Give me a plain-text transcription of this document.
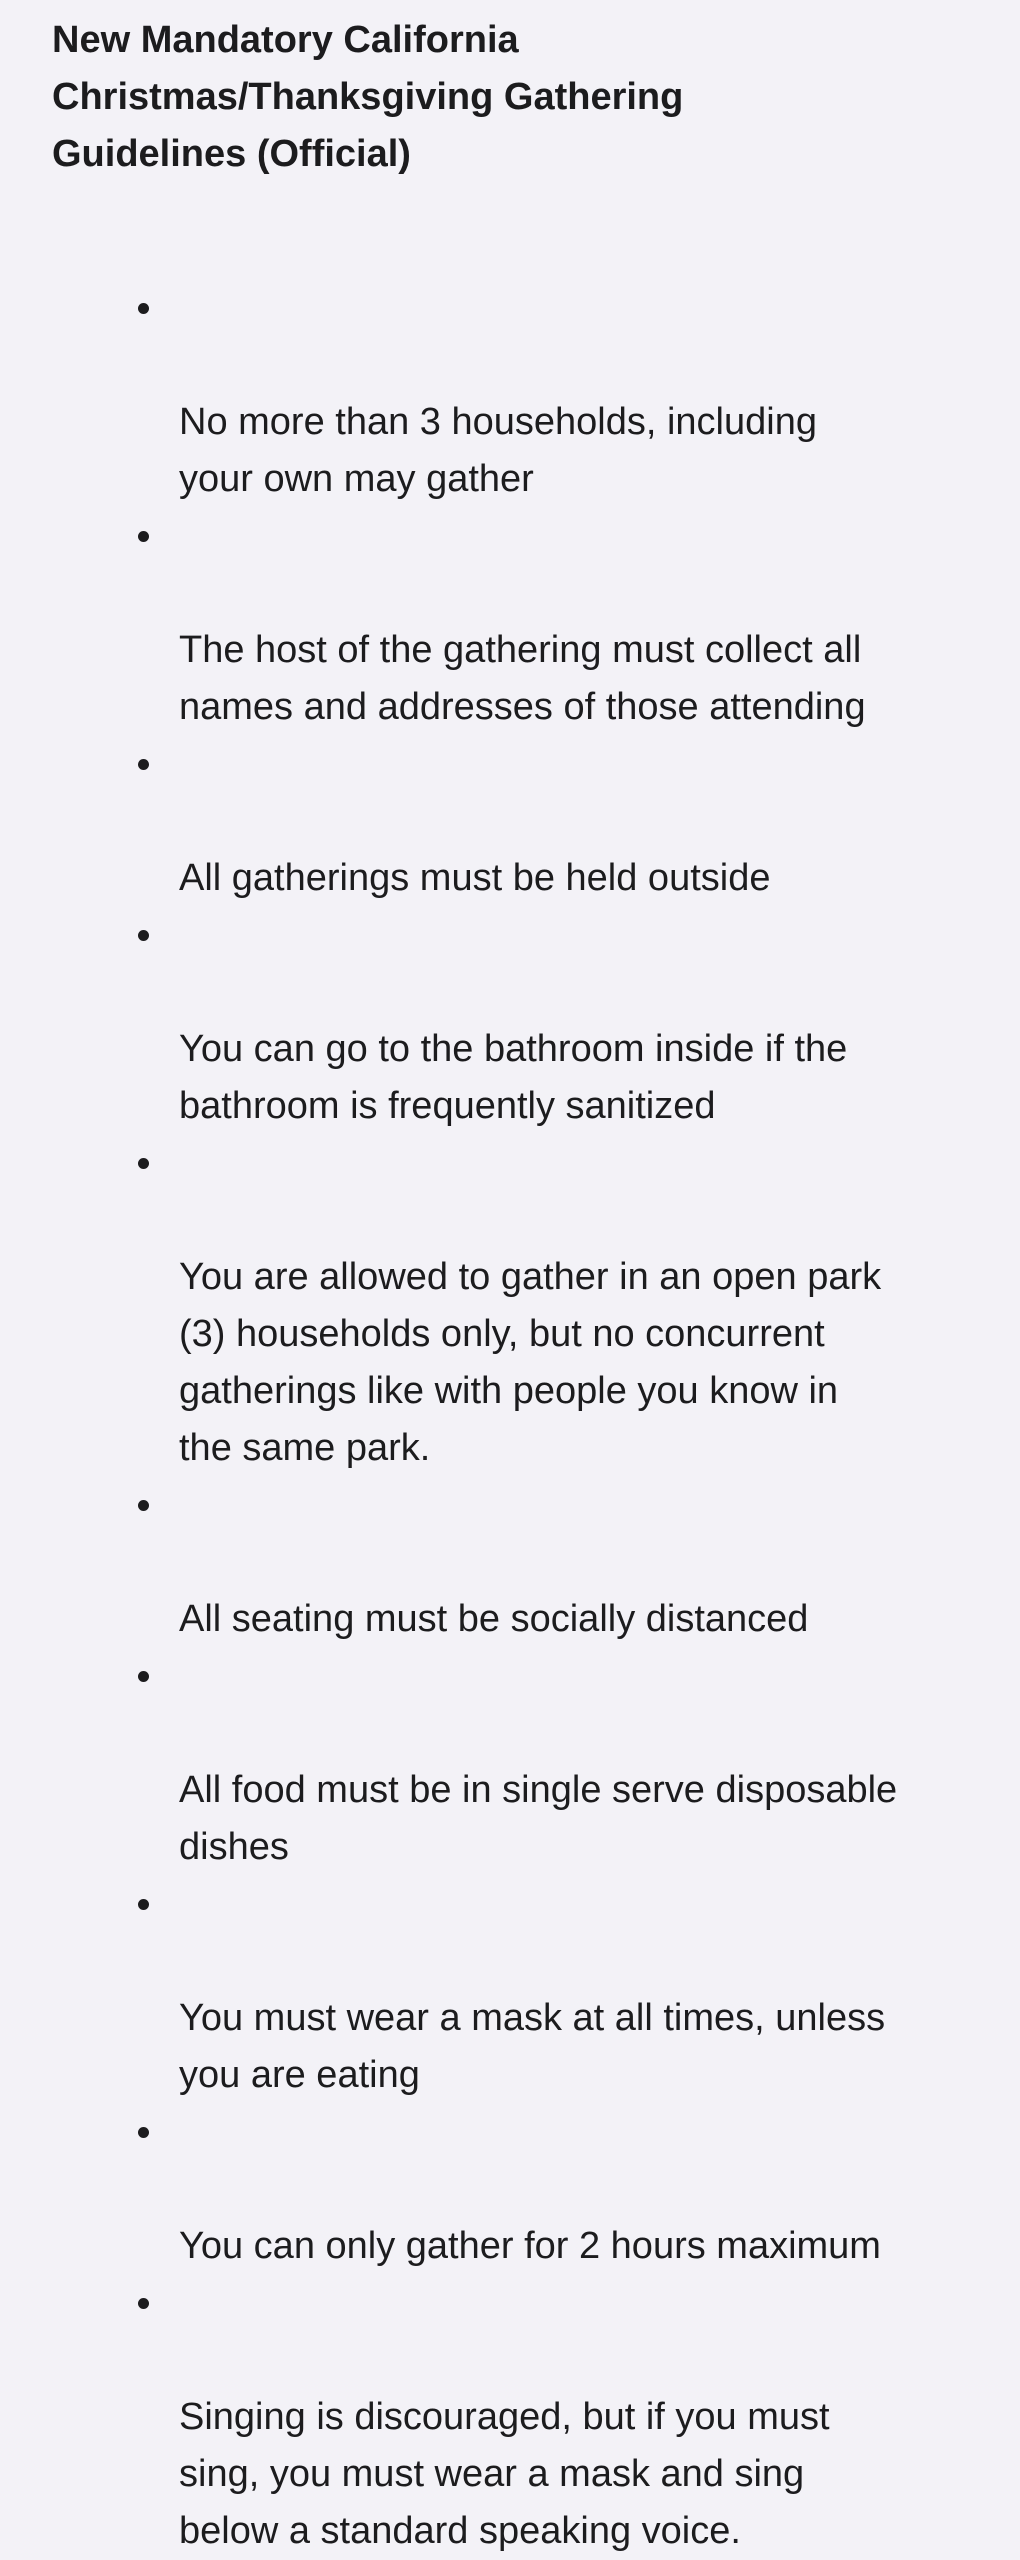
New Mandatory California
Christmas/Thanksgiving Gathering
Guidelines (Official)

No more than 3 households, including
your own may gather

The host of the gathering must collect all
names and addresses of those attending

All gatherings must be held outside

You can go to the bathroom inside if the
bathroom is frequently sanitized

You are allowed to gather in an open park
(3) households only, but no concurrent
gatherings like with people you know in
the same park.

All seating must be socially distanced

All food must be in single serve disposable
dishes

You must wear a mask at all times, unless
you are eating

You can only gather for 2 hours maximum

Singing is discouraged, but if you must
sing, you must wear a mask and sing
below a standard speaking voice.
